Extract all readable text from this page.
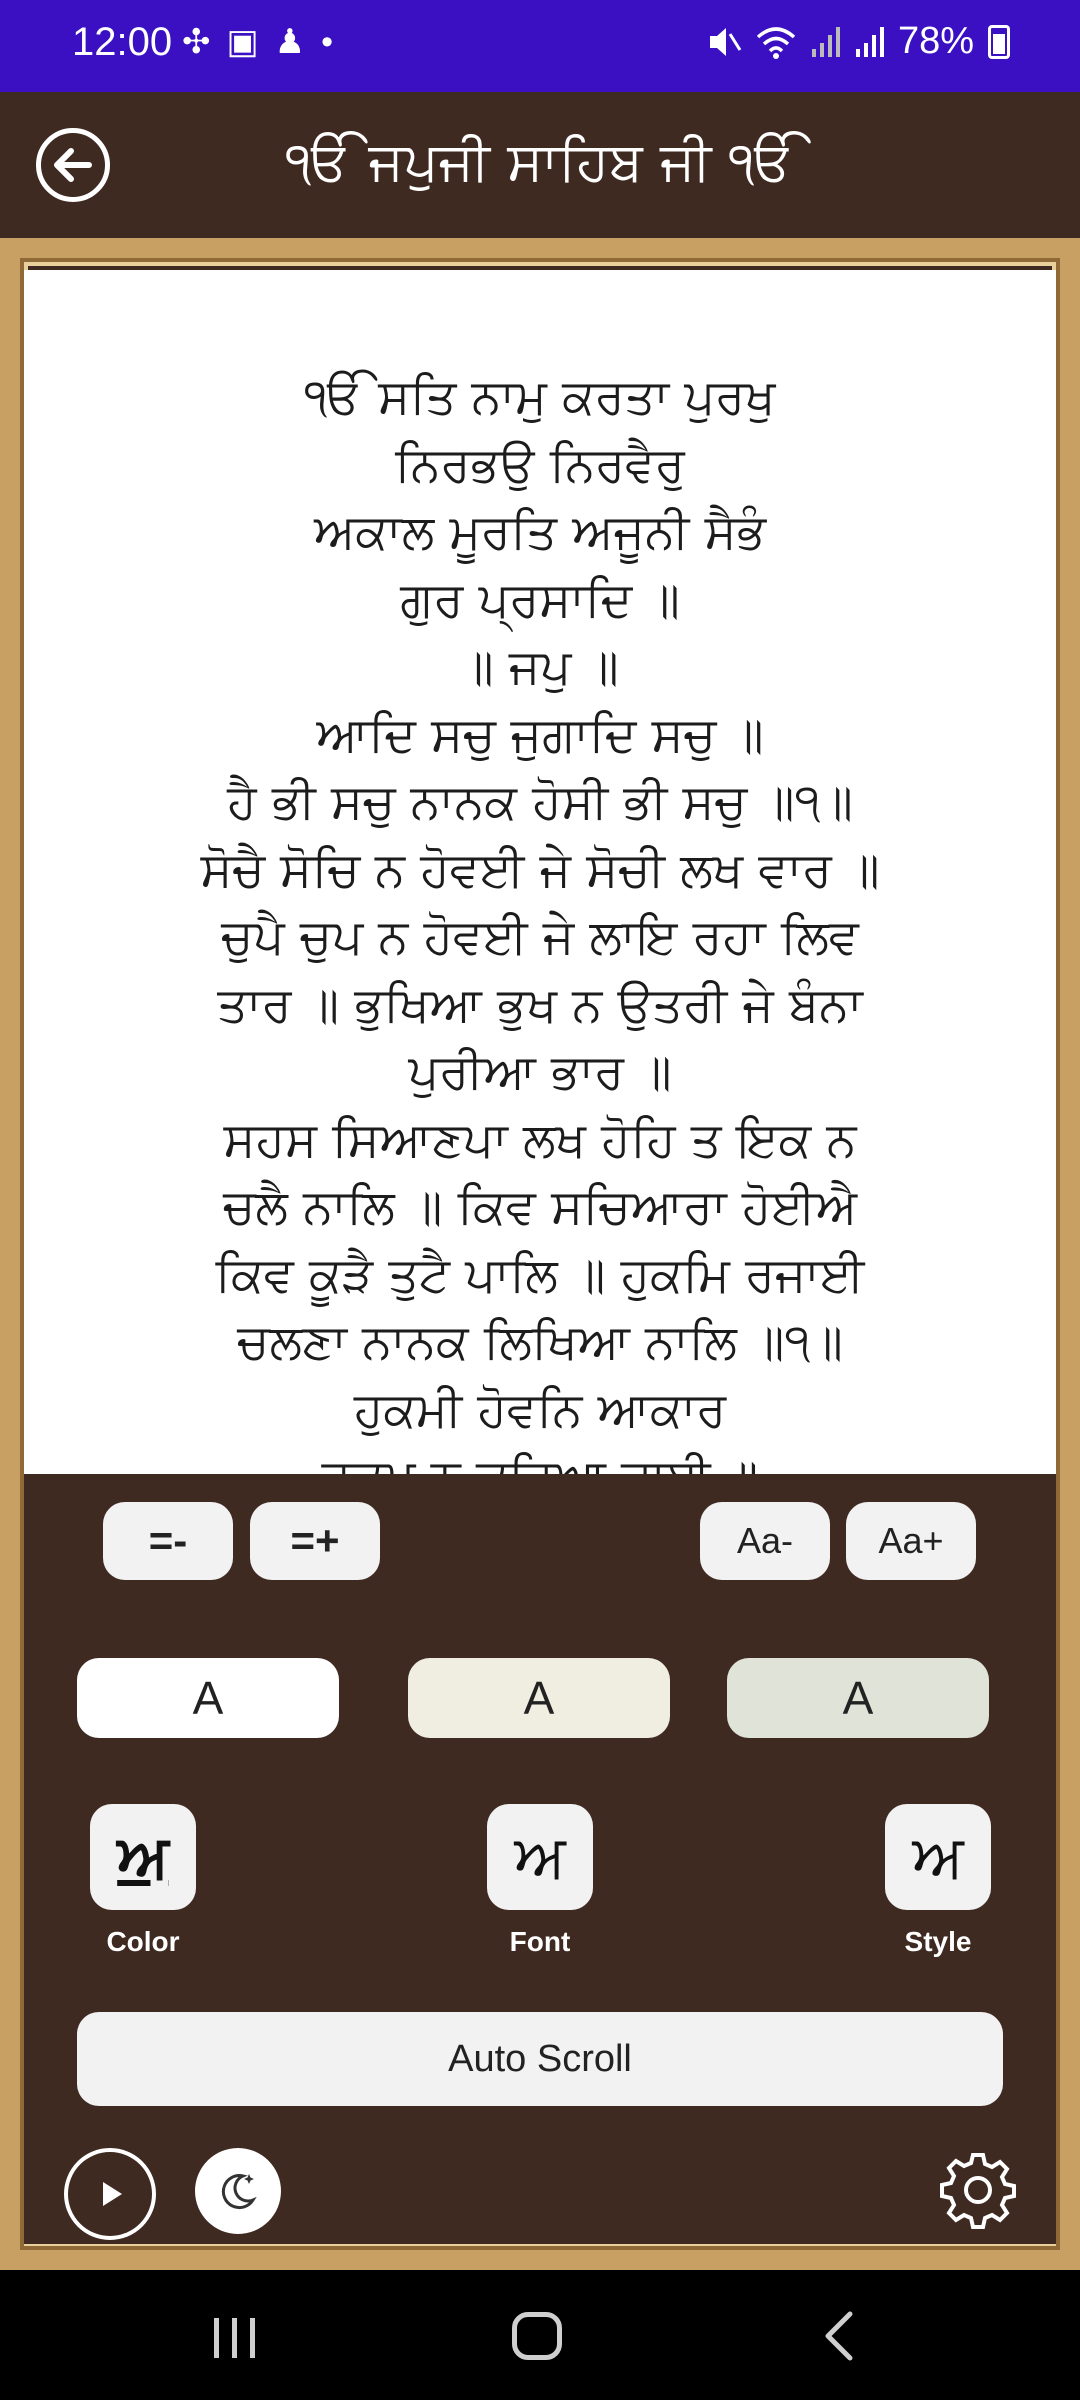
12:00 ✣▣♟•	78%
ੴ ਜਪੁਜੀ ਸਾਹਿਬ ਜੀ ੴ
ੴ ਸਤਿ ਨਾਮੁ ਕਰਤਾ ਪੁਰਖੁ
ਨਿਰਭਉ ਨਿਰਵੈਰੁ
ਅਕਾਲ ਮੂਰਤਿ ਅਜੂਨੀ ਸੈਭੰ
ਗੁਰ ਪ੍ਰਸਾਦਿ ॥
॥ ਜਪੁ ॥
ਆਦਿ ਸਚੁ ਜੁਗਾਦਿ ਸਚੁ ॥
ਹੈ ਭੀ ਸਚੁ ਨਾਨਕ ਹੋਸੀ ਭੀ ਸਚੁ ॥੧॥
ਸੋਚੈ ਸੋਚਿ ਨ ਹੋਵਈ ਜੇ ਸੋਚੀ ਲਖ ਵਾਰ ॥
ਚੁਪੈ ਚੁਪ ਨ ਹੋਵਈ ਜੇ ਲਾਇ ਰਹਾ ਲਿਵ
ਤਾਰ ॥ ਭੁਖਿਆ ਭੁਖ ਨ ਉਤਰੀ ਜੇ ਬੰਨਾ
ਪੁਰੀਆ ਭਾਰ ॥
ਸਹਸ ਸਿਆਣਪਾ ਲਖ ਹੋਹਿ ਤ ਇਕ ਨ
ਚਲੈ ਨਾਲਿ ॥ ਕਿਵ ਸਚਿਆਰਾ ਹੋਈਐ
ਕਿਵ ਕੂੜੈ ਤੁਟੈ ਪਾਲਿ ॥ ਹੁਕਮਿ ਰਜਾਈ
ਚਲਣਾ ਨਾਨਕ ਲਿਖਿਆ ਨਾਲਿ ॥੧॥
ਹੁਕਮੀ ਹੋਵਨਿ ਆਕਾਰ
=-	=+	Aa-	Aa+
A	A	A
ਅ	ਅ	ਅ
Color	Font	Style
Auto Scroll
